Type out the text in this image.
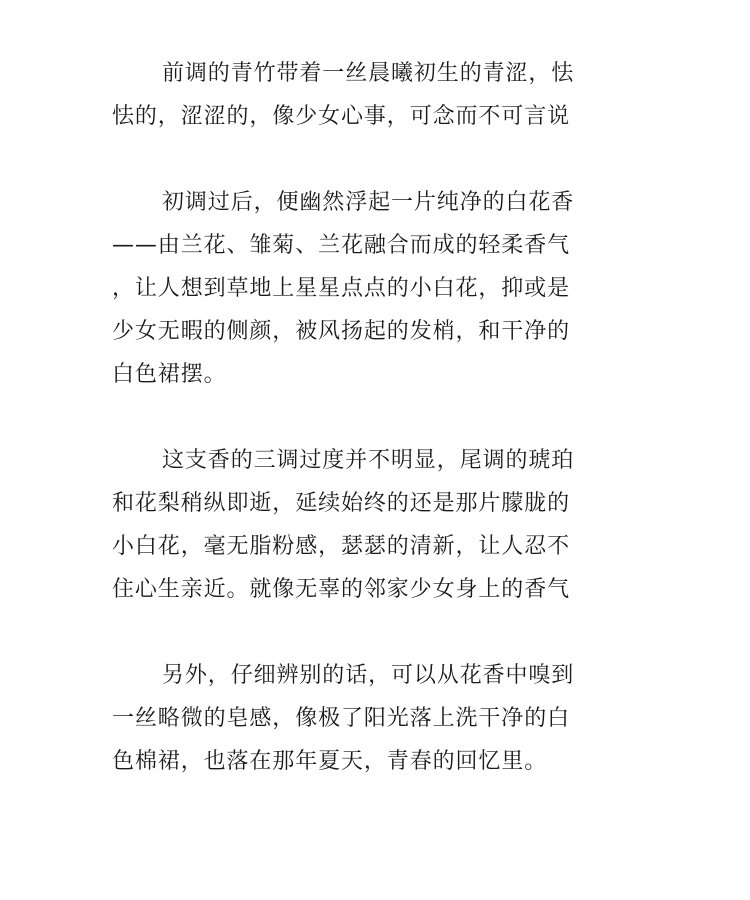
前调的青竹带着一丝晨曦初生的青涩，怯
怯的，涩涩的，像少女心事，可念而不可言说
初调过后，便幽然浮起一片纯净的白花香
——由兰花、雏菊、兰花融合而成的轻柔香气
，让人想到草地上星星点点的小白花，抑或是
少女无暇的侧颜，被风扬起的发梢，和干净的
白色裙摆。
这支香的三调过度并不明显，尾调的琥珀
和花梨稍纵即逝，延续始终的还是那片朦胧的
小白花，毫无脂粉感，瑟瑟的清新，让人忍不
住心生亲近。就像无辜的邻家少女身上的香气
另外，仔细辨别的话，可以从花香中嗅到
一丝略微的皂感，像极了阳光落上洗干净的白
色棉裙，也落在那年夏天，青春的回忆里。
